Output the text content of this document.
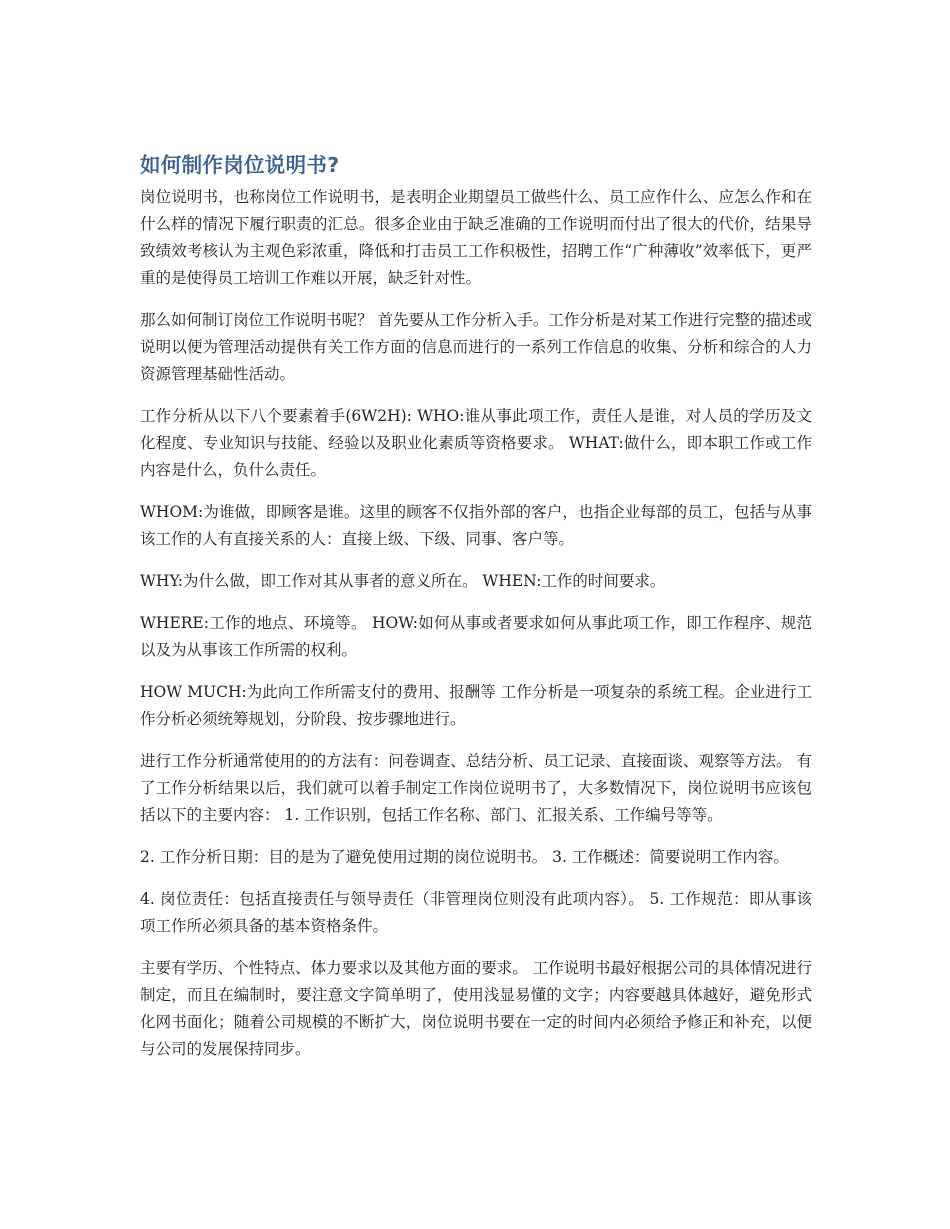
如何制作岗位说明书?

岗位说明书，也称岗位工作说明书，是表明企业期望员工做些什么、员工应作什么、应怎么作和在什么样的情况下履行职责的汇总。很多企业由于缺乏准确的工作说明而付出了很大的代价，结果导致绩效考核认为主观色彩浓重，降低和打击员工工作积极性，招聘工作“广种薄收”效率低下，更严重的是使得员工培训工作难以开展，缺乏针对性。

那么如何制订岗位工作说明书呢？ 首先要从工作分析入手。工作分析是对某工作进行完整的描述或说明以便为管理活动提供有关工作方面的信息而进行的一系列工作信息的收集、分析和综合的人力资源管理基础性活动。

工作分析从以下八个要素着手(6W2H): WHO:谁从事此项工作，责任人是谁，对人员的学历及文化程度、专业知识与技能、经验以及职业化素质等资格要求。 WHAT:做什么，即本职工作或工作内容是什么，负什么责任。

WHOM:为谁做，即顾客是谁。这里的顾客不仅指外部的客户，也指企业每部的员工，包括与从事该工作的人有直接关系的人：直接上级、下级、同事、客户等。

WHY:为什么做，即工作对其从事者的意义所在。 WHEN:工作的时间要求。

WHERE:工作的地点、环境等。 HOW:如何从事或者要求如何从事此项工作，即工作程序、规范以及为从事该工作所需的权利。

HOW MUCH:为此向工作所需支付的费用、报酬等 工作分析是一项复杂的系统工程。企业进行工作分析必须统筹规划，分阶段、按步骤地进行。

进行工作分析通常使用的的方法有：问卷调查、总结分析、员工记录、直接面谈、观察等方法。 有了工作分析结果以后，我们就可以着手制定工作岗位说明书了，大多数情况下，岗位说明书应该包括以下的主要内容： 1. 工作识别，包括工作名称、部门、汇报关系、工作编号等等。

2. 工作分析日期：目的是为了避免使用过期的岗位说明书。 3. 工作概述：简要说明工作内容。

4. 岗位责任：包括直接责任与领导责任（非管理岗位则没有此项内容）。 5. 工作规范：即从事该项工作所必须具备的基本资格条件。

主要有学历、个性特点、体力要求以及其他方面的要求。 工作说明书最好根据公司的具体情况进行制定，而且在编制时，要注意文字简单明了，使用浅显易懂的文字；内容要越具体越好，避免形式化网书面化；随着公司规模的不断扩大，岗位说明书要在一定的时间内必须给予修正和补充，以便与公司的发展保持同步。
